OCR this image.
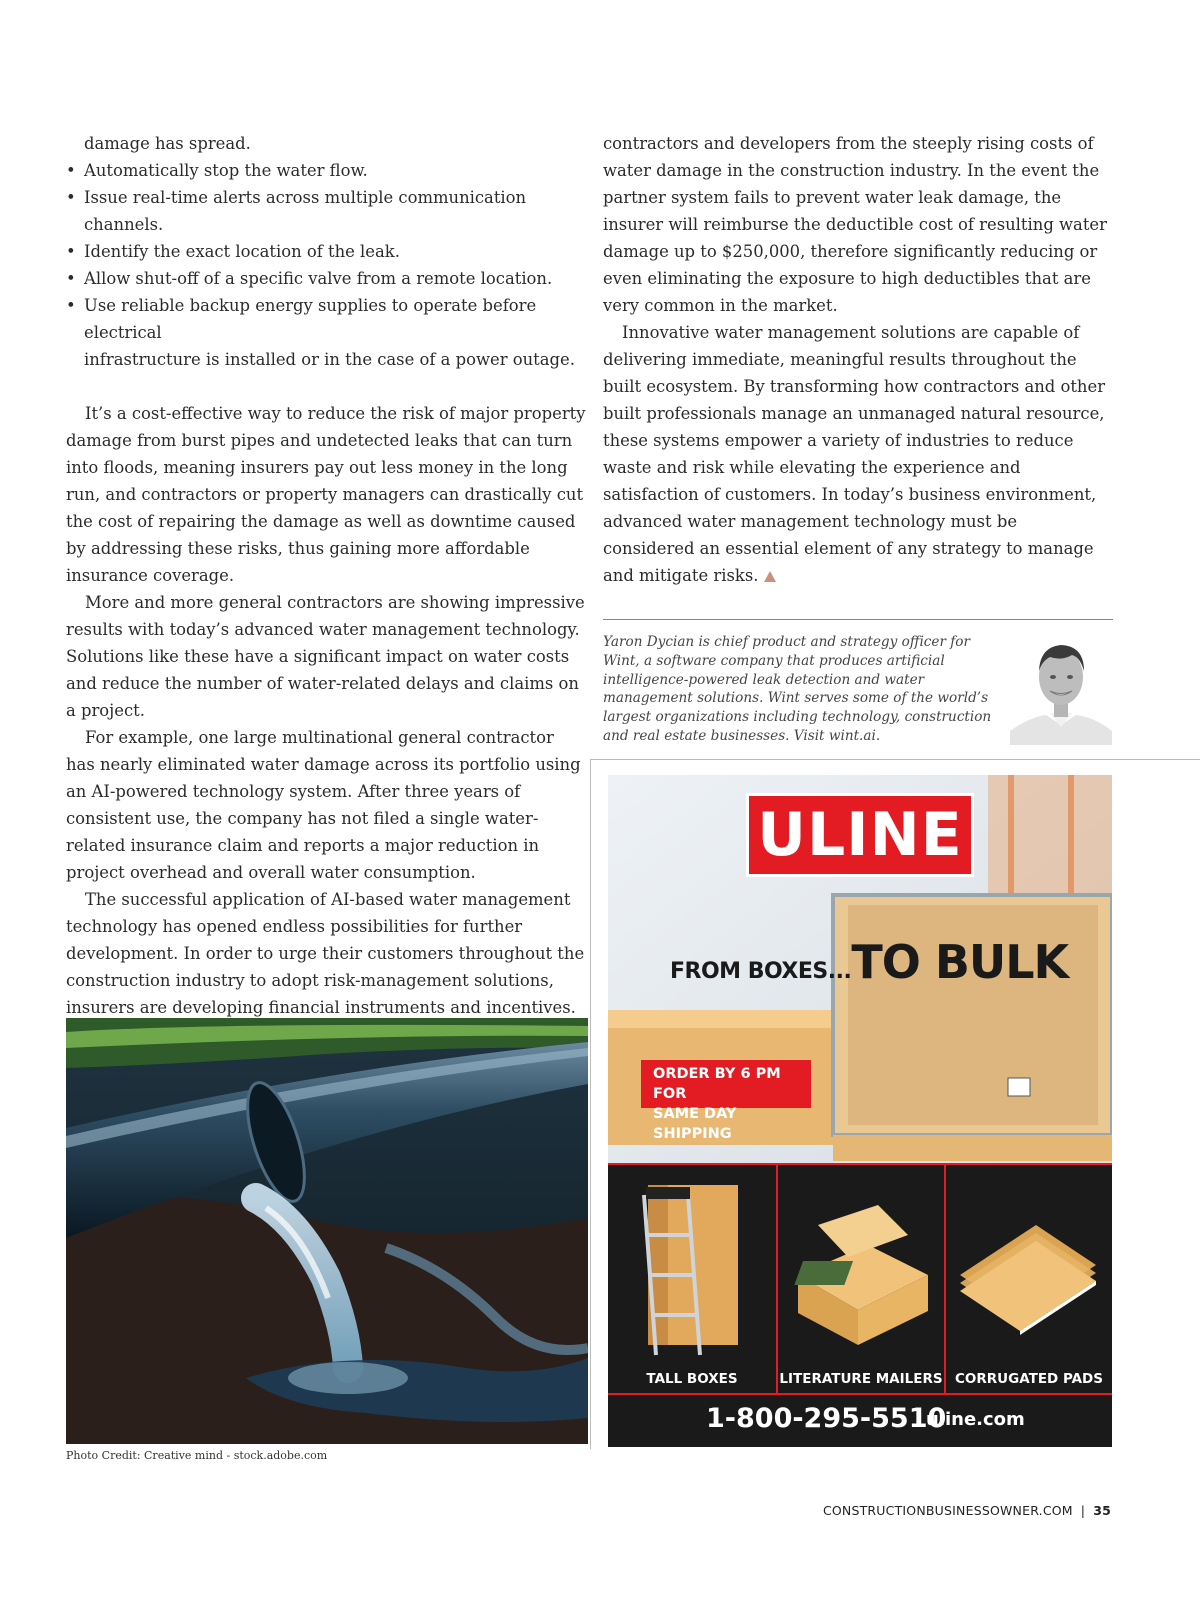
damage has spread.

• Automatically stop the water flow.
• Issue real-time alerts across multiple communication channels.
• Identify the exact location of the leak.
• Allow shut-off of a specific valve from a remote location.
• Use reliable backup energy supplies to operate before electrical
infrastructure is installed or in the case of a power outage.

It’s a cost-effective way to reduce the risk of major property damage from burst pipes and undetected leaks that can turn into floods, meaning insurers pay out less money in the long run, and contractors or property managers can drastically cut the cost of repairing the damage as well as downtime caused by addressing these risks, thus gaining more affordable insurance coverage.

More and more general contractors are showing impressive results with today’s advanced water management technology. Solutions like these have a significant impact on water costs and reduce the number of water-related delays and claims on a project.

For example, one large multinational general contractor has nearly eliminated water damage across its portfolio using an AI-powered technology system. After three years of consistent use, the company has not filed a single water-related insurance claim and reports a major reduction in project overhead and overall water consumption.

The successful application of AI-based water management technology has opened endless possibilities for further development. In order to urge their customers throughout the construction industry to adopt risk-management solutions, insurers are developing financial instruments and incentives.

contractors and developers from the steeply rising costs of water damage in the construction industry. In the event the partner system fails to prevent water leak damage, the insurer will reimburse the deductible cost of resulting water damage up to $250,000, therefore significantly reducing or even eliminating the exposure to high deductibles that are very common in the market.

Innovative water management solutions are capable of delivering immediate, meaningful results throughout the built ecosystem. By transforming how contractors and other built professionals manage an unmanaged natural resource, these systems empower a variety of industries to reduce waste and risk while elevating the experience and satisfaction of customers. In today’s business environment, advanced water management technology must be considered an essential element of any strategy to manage and mitigate risks.

Yaron Dycian is chief product and strategy officer for Wint, a software company that produces artificial intelligence-powered leak detection and water management solutions. Wint serves some of the world’s largest organizations including technology, construction and real estate businesses. Visit wint.ai.

Photo Credit: Creative mind - stock.adobe.com

ULINE
FROM BOXES...TO BULK
ORDER BY 6 PM FOR
SAME DAY SHIPPING
TALL BOXES	LITERATURE MAILERS CORRUGATED PADS
1-800-295-5510
uline.com
CONSTRUCTIONBUSINESSOWNER.COM | 35
